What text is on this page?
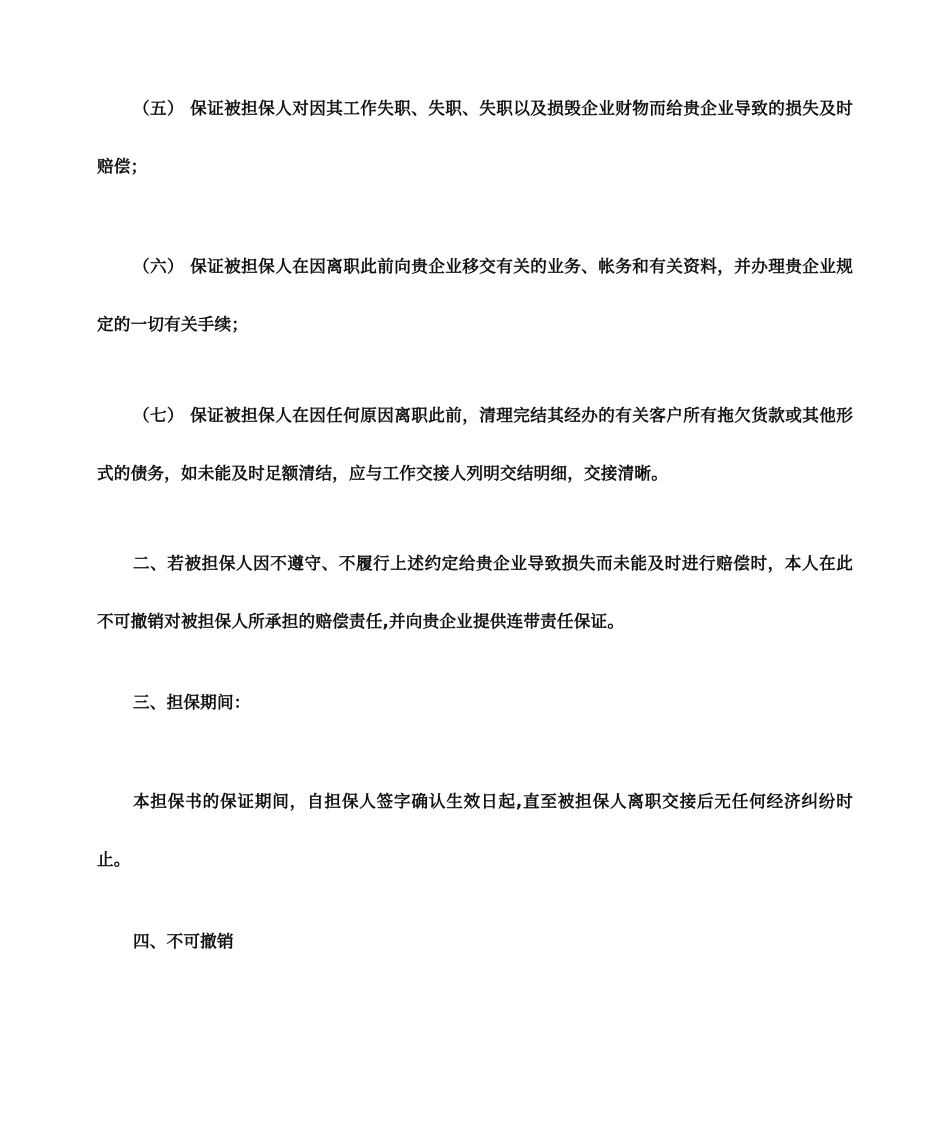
（五） 保证被担保人对因其工作失职、失职、失职以及损毁企业财物而给贵企业导致的损失及时赔偿；

（六） 保证被担保人在因离职此前向贵企业移交有关的业务、帐务和有关资料，并办理贵企业规定的一切有关手续；

（七） 保证被担保人在因任何原因离职此前，清理完结其经办的有关客户所有拖欠货款或其他形式的债务，如未能及时足额清结，应与工作交接人列明交结明细，交接清晰。

二、若被担保人因不遵守、不履行上述约定给贵企业导致损失而未能及时进行赔偿时，本人在此不可撤销对被担保人所承担的赔偿责任,并向贵企业提供连带责任保证。

三、担保期间：

本担保书的保证期间，自担保人签字确认生效日起,直至被担保人离职交接后无任何经济纠纷时止。

四、不可撤销
